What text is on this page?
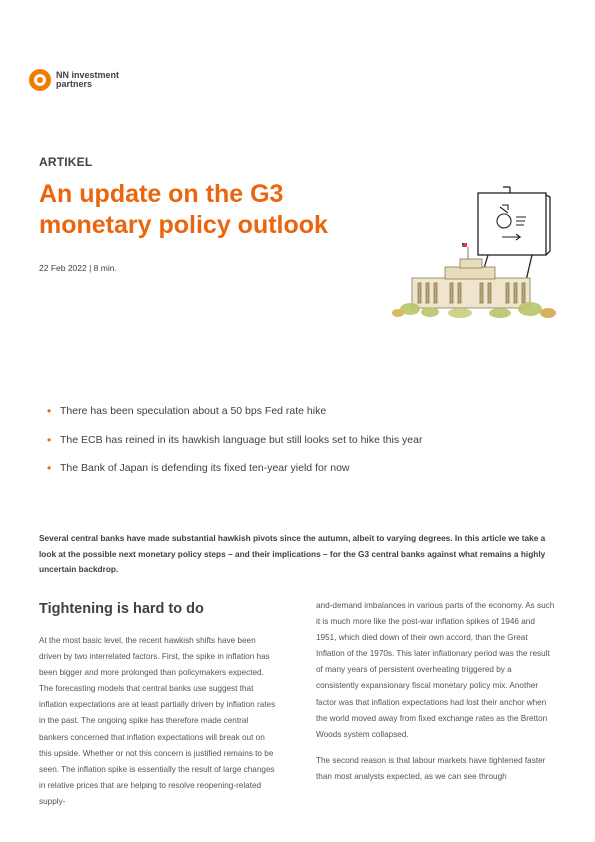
NN investment
partners
ARTIKEL
An update on the G3 monetary policy outlook
22 Feb 2022 | 8 min.
• There has been speculation about a 50 bps Fed rate hike
• The ECB has reined in its hawkish language but still looks set to hike this year
• The Bank of Japan is defending its fixed ten-year yield for now

Several central banks have made substantial hawkish pivots since the autumn, albeit to varying degrees. In this article we take a look at the possible next monetary policy steps – and their implications – for the G3 central banks against what remains a highly uncertain backdrop.

Tightening is hard to do

At the most basic level, the recent hawkish shifts have been driven by two interrelated factors. First, the spike in inflation has been bigger and more prolonged than policymakers expected. The forecasting models that central banks use suggest that inflation expectations are at least partially driven by inflation rates in the past. The ongoing spike has therefore made central bankers concerned that inflation expectations will break out on this upside. Whether or not this concern is justified remains to be seen. The inflation spike is essentially the result of large changes in relative prices that are helping to resolve reopening-related supply-

and-demand imbalances in various parts of the economy. As such it is much more like the post-war inflation spikes of 1946 and 1951, which died down of their own accord, than the Great Inflation of the 1970s. This later inflationary period was the result of many years of persistent overheating triggered by a consistently expansionary fiscal monetary policy mix. Another factor was that inflation expectations had lost their anchor when the world moved away from fixed exchange rates as the Bretton Woods system collapsed.

The second reason is that labour markets have tightened faster than most analysts expected, as we can see through
